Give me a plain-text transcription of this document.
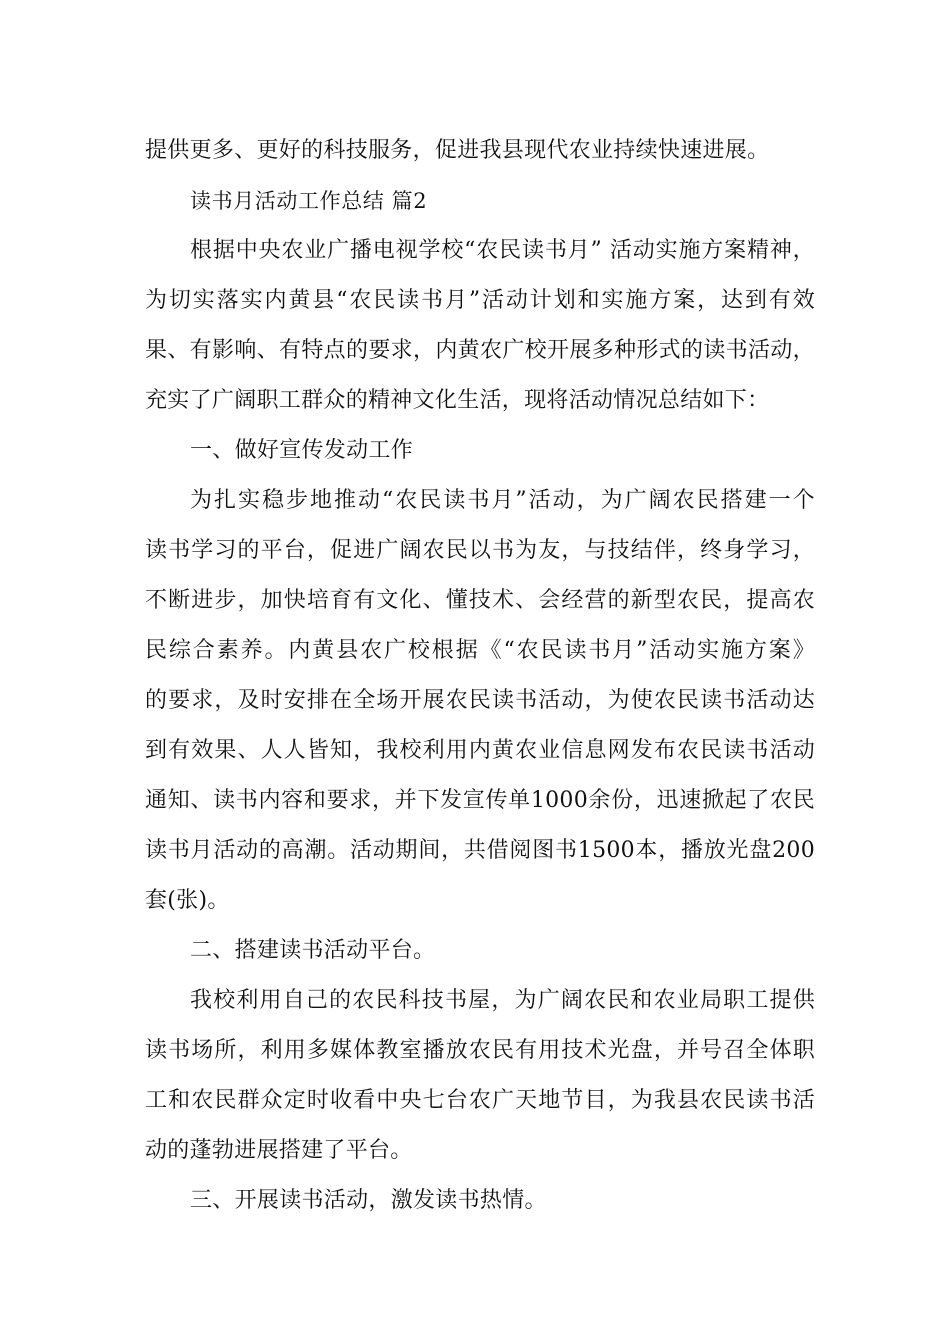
提供更多、更好的科技服务，促进我县现代农业持续快速进展。
读书月活动工作总结 篇2
根据中央农业广播电视学校“农民读书月” 活动实施方案精神，
为切实落实内黄县“农民读书月”活动计划和实施方案，达到有效
果、有影响、有特点的要求，内黄农广校开展多种形式的读书活动，
充实了广阔职工群众的精神文化生活，现将活动情况总结如下：
一、做好宣传发动工作
为扎实稳步地推动“农民读书月”活动，为广阔农民搭建一个
读书学习的平台，促进广阔农民以书为友，与技结伴，终身学习，
不断进步，加快培育有文化、懂技术、会经营的新型农民，提高农
民综合素养。内黄县农广校根据《“农民读书月”活动实施方案》
的要求，及时安排在全场开展农民读书活动，为使农民读书活动达
到有效果、人人皆知，我校利用内黄农业信息网发布农民读书活动
通知、读书内容和要求，并下发宣传单1000余份，迅速掀起了农民
读书月活动的高潮。活动期间，共借阅图书1500本，播放光盘200
套(张)。
二、搭建读书活动平台。
我校利用自己的农民科技书屋，为广阔农民和农业局职工提供
读书场所，利用多媒体教室播放农民有用技术光盘，并号召全体职
工和农民群众定时收看中央七台农广天地节目，为我县农民读书活
动的蓬勃进展搭建了平台。
三、开展读书活动，激发读书热情。
